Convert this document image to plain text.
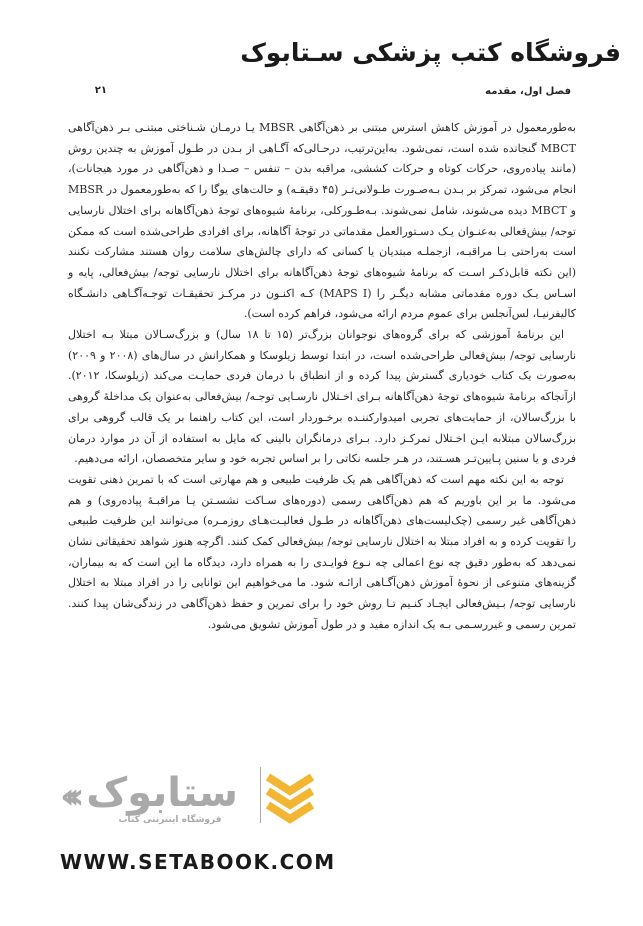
فروشگاه کتب پزشکی سـتابوک
فصل اول، مقدمه
۲۱

به‌طورمعمول در آموزش کاهش استرس مبتنی بر ذهن‌آگاهی MBSR یـا درمـان شـناختی مبتنـی بـر ذهن‌آگاهی MBCT گنجانده شده است، نمی‌شود. به‌این‌ترتیب، درحـالی‌که آگـاهی از بـدن در طـول آموزش به چندین روش (مانند پیاده‌روی، حرکات کوتاه و حرکات کششی، مراقبه بدن – تنفس – صـدا و ذهن‌آگاهی در مورد هیجانات)، انجام می‌شود، تمرکز بر بـدن بـه‌صـورت طـولانی‌تـر (۴۵ دقیقـه) و حالت‌های یوگا را که به‌طورمعمول در MBSR و MBCT دیده می‌شوند، شامل نمی‌شوند. بـه‌طـورکلی، برنامهٔ شیوه‌های توجهٔ ذهن‌آگاهانه برای اختلال نارسایی توجه/ بیش‌فعالی به‌عنـوان یـک دسـتورالعمل مقدماتی در توجهٔ آگاهانه، برای افرادی طراحی‌شده است که ممکن است به‌راحتی بـا مراقبـه، ازجملـه مبتدیان یا کسانی که دارای چالش‌های سلامت روان هستند مشارکت نکنند (این نکته قابل‌ذکـر اسـت که برنامهٔ شیوه‌های توجهٔ ذهن‌آگاهانه برای اختلال نارسایی توجه/ بیش‌فعالی، پایه و اسـاس یـک دوره مقدماتی مشابه دیگـر را (MAPS I) کـه اکنـون در مرکـز تحقیقـات توجـه‌آگـاهی دانشـگاه کالیفرنیـا، لس‌آنجلس برای عموم مردم ارائه می‌شود، فراهم کرده است).

این برنامهٔ آموزشی که برای گروه‌های نوجوانان بزرگ‌تر (۱۵ تا ۱۸ سال) و بزرگ‌سـالان مبتلا بـه اختلال نارسایی توجه/ بیش‌فعالی طراحی‌شده است، در ابتدا توسط زیلوسکا و همکارانش در سال‌های (۲۰۰۸ و ۲۰۰۹) به‌صورت یک کتاب خودیاری گسترش پیدا کرده و از انطباق با درمان فردی حمایـت می‌کند (زیلوسکا، ۲۰۱۲). ازآنجاکه برنامهٔ شیوه‌های توجهٔ ذهن‌آگاهانه بـرای اخـتلال نارسـایی توجـه/ بیش‌فعالی به‌عنوان یک مداخلهٔ گروهی با بزرگ‌سالان، از حمایت‌های تجربی امیدوارکننـده برخـوردار است، این کتاب راهنما بر یک قالب گروهی برای بزرگ‌سالان مبتلابه ایـن اخـتلال تمرکـز دارد. بـرای درمانگران بالینی که مایل به استفاده از آن در موارد درمان فردی و یا سنین پـایین‌تـر هسـتند، در هـر جلسه نکاتی را بر اساس تجربه خود و سایر متخصصان، ارائه می‌دهیم.

توجه به این نکته مهم است که ذهن‌آگاهی هم یک ظرفیت طبیعی و هم مهارتی است که با تمرین ذهنی تقویت می‌شود. ما بر این باوریم که هم ذهن‌آگاهی رسمی (دوره‌های سـاکت نشسـتن یـا مراقبـهٔ پیاده‌روی) و هم ذهن‌آگاهی غیر رسمی (چک‌لیست‌های ذهن‌آگاهانه در طـول فعالیـت‌هـای روزمـره) می‌توانند این ظرفیت طبیعی را تقویت کرده و به افراد مبتلا به اختلال نارسایی توجه/ بیش‌فعالی کمک کنند. اگرچه هنوز شواهد تحقیقاتی نشان نمی‌دهد که به‌طور دقیق چه نوع اعمالی چه نـوع فوایـدی را به همراه دارد، دیدگاه ما این است که به بیماران، گزینه‌های متنوعی از نحوهٔ آموزش ذهن‌آگـاهی ارائـه شود. ما می‌خواهیم این توانایی را در افراد مبتلا به اختلال نارسایی توجه/ بـیش‌فعالی ایجـاد کنـیم تـا روش خود را برای تمرین و حفظ ذهن‌آگاهی در زندگی‌شان پیدا کنند. تمرین رسمی و غیررسـمی بـه یک اندازه مفید و در طول آموزش تشویق می‌شود.

‹‹‹ ستابوک
فروشگاه اینترنتی کتاب
WWW.SETABOOK.COM
